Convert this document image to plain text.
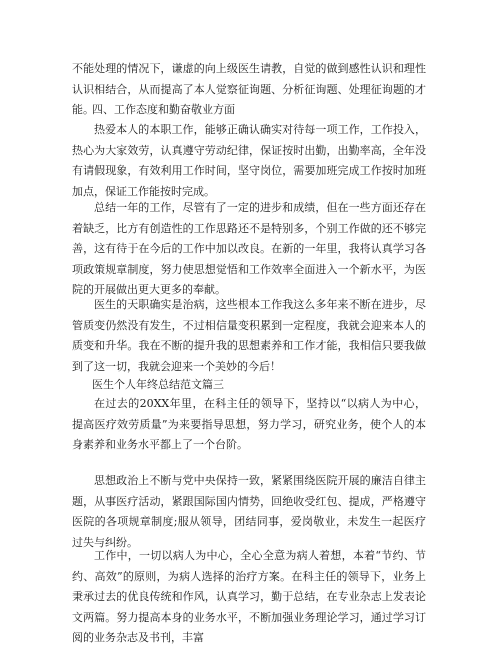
不能处理的情况下，谦虚的向上级医生请教，自觉的做到感性认识和理性认识相结合，从而提高了本人觉察征询题、分析征询题、处理征询题的才能。

四、工作态度和勤奋敬业方面

热爱本人的本职工作，能够正确认确实对待每一项工作，工作投入，热心为大家效劳，认真遵守劳动纪律，保证按时出勤，出勤率高，全年没有请假现象，有效利用工作时间，坚守岗位，需要加班完成工作按时加班加点，保证工作能按时完成。

总结一年的工作，尽管有了一定的进步和成绩，但在一些方面还存在着缺乏，比方有创造性的工作思路还不是特别多，个别工作做的还不够完善，这有待于在今后的工作中加以改良。在新的一年里，我将认真学习各项政策规章制度，努力使思想觉悟和工作效率全面进入一个新水平，为医院的开展做出更大更多的奉献。

医生的天职确实是治病，这些根本工作我这么多年来不断在进步，尽管质变仍然没有发生，不过相信量变积累到一定程度，我就会迎来本人的质变和升华。我在不断的提升我的思想素养和工作才能，我相信只要我做到了这一切，我就会迎来一个美妙的今后！

医生个人年终总结范文篇三

在过去的20XX年里，在科主任的领导下，坚持以“以病人为中心，提高医疗效劳质量”为来要指导思想，努力学习，研究业务，使个人的本身素养和业务水平都上了一个台阶。

思想政治上不断与党中央保持一致，紧紧围绕医院开展的廉洁自律主题，从事医疗活动，紧跟国际国内情势，回绝收受红包、提成，严格遵守医院的各项规章制度;服从领导，团结同事，爱岗敬业，未发生一起医疗过失与纠纷。

工作中，一切以病人为中心，全心全意为病人着想，本着“节约、节约、高效”的原则，为病人选择的治疗方案。在科主任的领导下，业务上秉承过去的优良传统和作风，认真学习，勤于总结，在专业杂志上发表论文两篇。努力提高本身的业务水平，不断加强业务理论学习，通过学习订阅的业务杂志及书刊，丰富
